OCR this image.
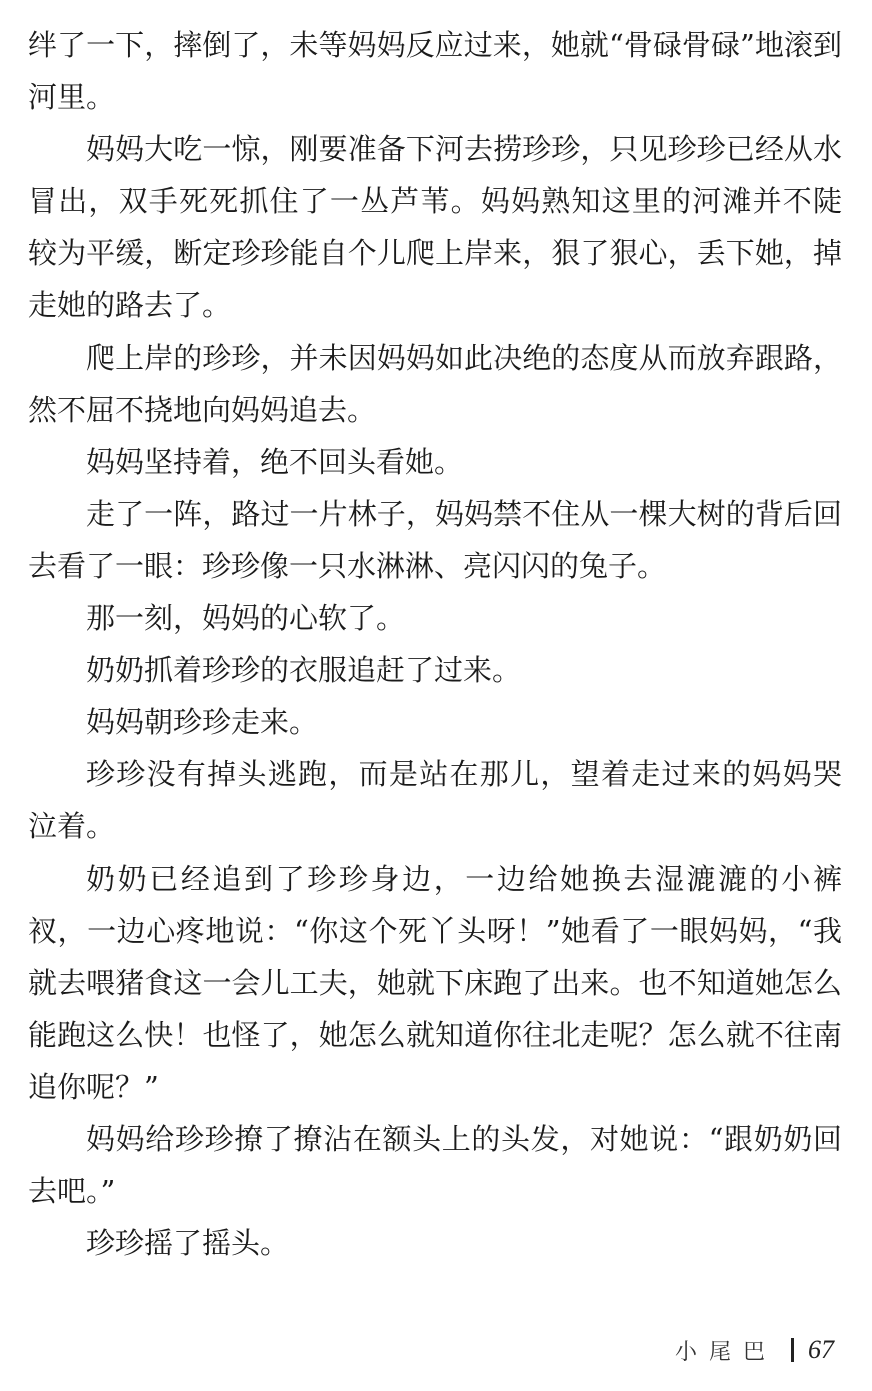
绊了一下，摔倒了，未等妈妈反应过来，她就“骨碌骨碌”地滚到
河里。
妈妈大吃一惊，刚要准备下河去捞珍珍，只见珍珍已经从水
冒出，双手死死抓住了一丛芦苇。妈妈熟知这里的河滩并不陡
较为平缓，断定珍珍能自个儿爬上岸来，狠了狠心，丢下她，掉
走她的路去了。
爬上岸的珍珍，并未因妈妈如此决绝的态度从而放弃跟路，
然不屈不挠地向妈妈追去。
妈妈坚持着，绝不回头看她。
走了一阵，路过一片林子，妈妈禁不住从一棵大树的背后回
去看了一眼：珍珍像一只水淋淋、亮闪闪的兔子。
那一刻，妈妈的心软了。
奶奶抓着珍珍的衣服追赶了过来。
妈妈朝珍珍走来。
珍珍没有掉头逃跑，而是站在那儿，望着走过来的妈妈哭
泣着。
奶奶已经追到了珍珍身边，一边给她换去湿漉漉的小裤
衩，一边心疼地说：“你这个死丫头呀！”她看了一眼妈妈，“我
就去喂猪食这一会儿工夫，她就下床跑了出来。也不知道她怎么
能跑这么快！也怪了，她怎么就知道你往北走呢？怎么就不往南
追你呢？”
妈妈给珍珍撩了撩沾在额头上的头发，对她说：“跟奶奶回
去吧。”
珍珍摇了摇头。
小尾巴 67
